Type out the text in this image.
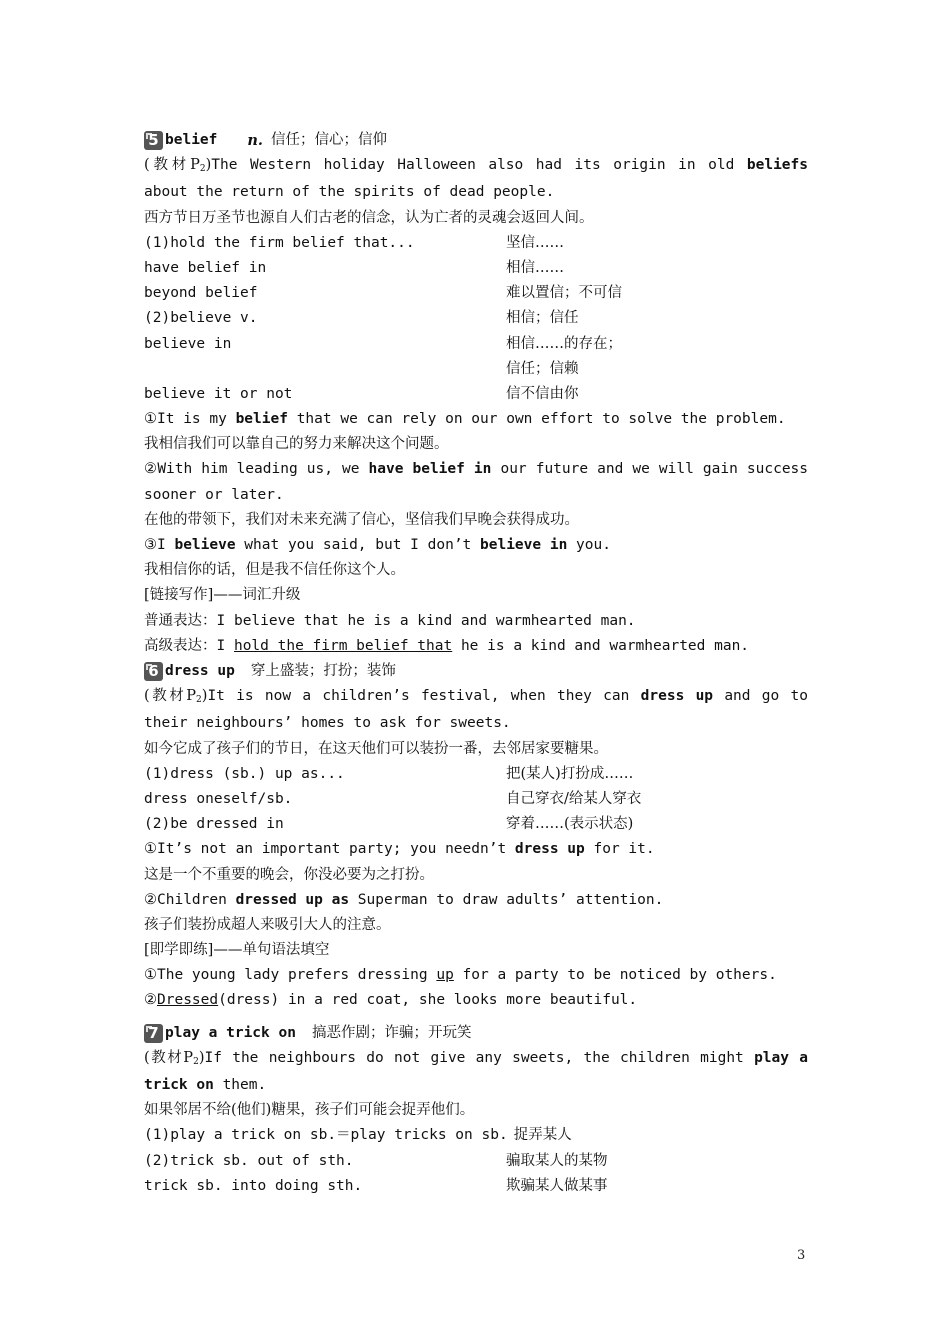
5 belief n. 信任；信心；信仰
(教材P2)The Western holiday Halloween also had its origin in old beliefs about the return of the spirits of dead people.
西方节日万圣节也源自人们古老的信念，认为亡者的灵魂会返回人间。
(1)hold the firm belief that...	坚信……
have belief in	相信……
beyond belief	难以置信；不可信
(2)believe v.	相信；信任
believe in	相信……的存在；
信任；信赖
believe it or not	信不信由你
①It is my belief that we can rely on our own effort to solve the problem.
我相信我们可以靠自己的努力来解决这个问题。
②With him leading us, we have belief in our future and we will gain success sooner or later.
在他的带领下，我们对未来充满了信心，坚信我们早晚会获得成功。
③I believe what you said, but I don’t believe in you.
我相信你的话，但是我不信任你这个人。
[链接写作]——词汇升级
普通表达：I believe that he is a kind and warmhearted man.
高级表达：I hold the firm belief that he is a kind and warmhearted man.
6 dress up 穿上盛装；打扮；装饰
(教材P2)It is now a children’s festival, when they can dress up and go to their neighbours’ homes to ask for sweets.
如今它成了孩子们的节日，在这天他们可以装扮一番，去邻居家要糖果。
(1)dress (sb.) up as...	把(某人)打扮成……
dress oneself/sb.	自己穿衣/给某人穿衣
(2)be dressed in	穿着……(表示状态)
①It’s not an important party; you needn’t dress up for it.
这是一个不重要的晚会，你没必要为之打扮。
②Children dressed up as Superman to draw adults’ attention.
孩子们装扮成超人来吸引大人的注意。
[即学即练]——单句语法填空
①The young lady prefers dressing up for a party to be noticed by others.
②Dressed(dress) in a red coat, she looks more beautiful.
7 play a trick on 搞恶作剧；诈骗；开玩笑
(教材P2)If the neighbours do not give any sweets, the children might play a trick on them.
如果邻居不给(他们)糖果，孩子们可能会捉弄他们。
(1)play a trick on sb.＝play tricks on sb. 捉弄某人
(2)trick sb. out of sth.	骗取某人的某物
trick sb. into doing sth.	欺骗某人做某事
3
